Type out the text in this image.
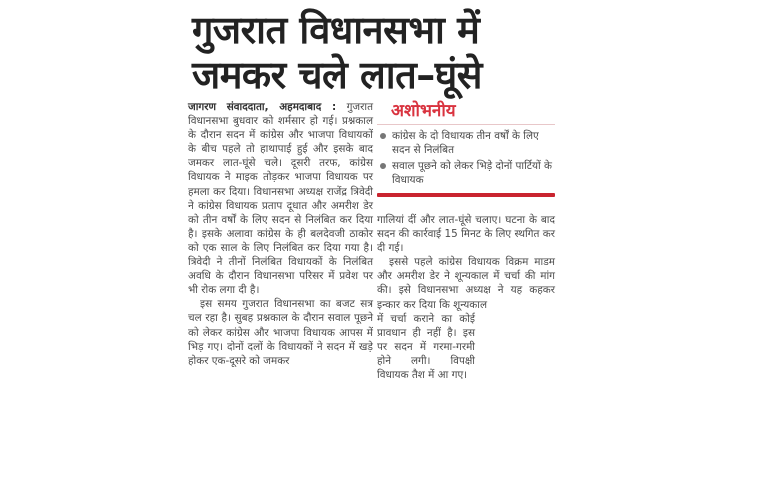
गुजरात विधानसभा में
जमकर चले लात–घूंसे

जागरण संवाददाता, अहमदाबाद : गुजरात विधानसभा बुधवार को शर्मसार हो गई। प्रश्नकाल के दौरान सदन में कांग्रेस और भाजपा विधायकों के बीच पहले तो हाथापाई हुई और इसके बाद जमकर लात-घूंसे चले। दूसरी तरफ, कांग्रेस विधायक ने माइक तोड़कर भाजपा विधायक पर हमला कर दिया। विधानसभा अध्यक्ष राजेंद्र त्रिवेदी ने कांग्रेस विधायक प्रताप दूधात और अमरीश डेर को तीन वर्षों के लिए सदन से निलंबित कर दिया है। इसके अलावा कांग्रेस के ही बलदेवजी ठाकोर को एक साल के लिए निलंबित कर दिया गया है। त्रिवेदी ने तीनों निलंबित विधायकों के निलंबित अवधि के दौरान विधानसभा परिसर में प्रवेश पर भी रोक लगा दी है।

इस समय गुजरात विधानसभा का बजट सत्र चल रहा है। सुबह प्रश्नकाल के दौरान सवाल पूछने को लेकर कांग्रेस और भाजपा विधायक आपस में भिड़ गए। दोनों दलों के विधायकों ने सदन में खड़े होकर एक-दूसरे को जमकर

अशोभनीय
कांग्रेस के दो विधायक तीन वर्षों के लिए सदन से निलंबित
सवाल पूछने को लेकर भिड़े दोनों पार्टियों के विधायक

गालियां दीं और लात-घूंसे चलाए। घटना के बाद सदन की कार्रवाई 15 मिनट के लिए स्थगित कर दी गई।

इससे पहले कांग्रेस विधायक विक्रम माडम और अमरीश डेर ने शून्यकाल में चर्चा की मांग की। इसे विधानसभा अध्यक्ष ने यह कहकर इन्कार कर दिया कि शून्यकाल

में चर्चा कराने का कोई प्रावधान ही नहीं है। इस पर सदन में गरमा-गरमी होने लगी। विपक्षी विधायक तैश में आ गए।
